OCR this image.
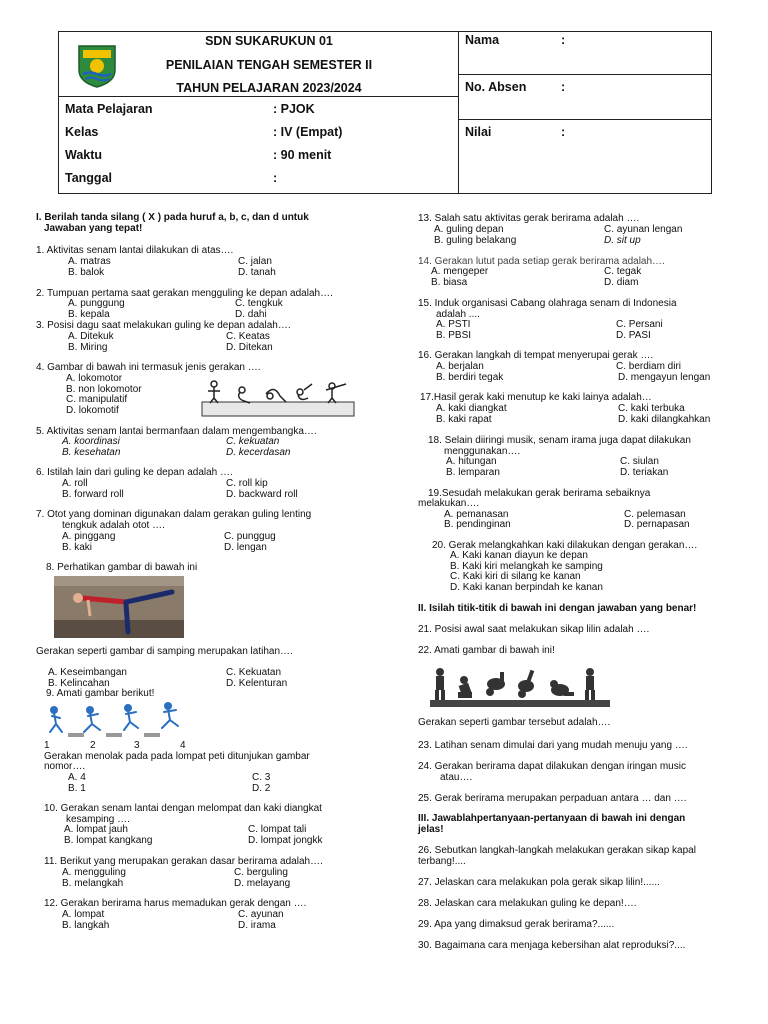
SDN SUKARUKUN 01
PENILAIAN TENGAH SEMESTER II
TAHUN PELAJARAN 2023/2024
Mata Pelajaran	: PJOK
Kelas	: IV (Empat)
Waktu	: 90 menit
Tanggal	:
Nama	:
No. Absen	:
Nilai	:
I. Berilah tanda silang ( X ) pada huruf a, b, c, dan d untuk
Jawaban yang tepat!
1. Aktivitas senam lantai dilakukan di atas….
A. matras	C. jalan
B. balok	D. tanah
2. Tumpuan pertama saat gerakan mengguling ke depan adalah….
A. punggung	C. tengkuk
B. kepala	D. dahi
3. Posisi dagu saat melakukan guling ke depan adalah….
A. Ditekuk	C. Keatas
B. Miring	D. Ditekan
4. Gambar di bawah ini termasuk jenis gerakan ….
A. lokomotor
B. non lokomotor
C. manipulatif
D. lokomotif
5. Aktivitas senam lantai bermanfaan dalam mengembangka….
A. koordinasi	C. kekuatan
B. kesehatan	D. kecerdasan
6. Istilah lain dari guling ke depan adalah ….
A. roll	C. roll kip
B. forward roll	D. backward roll
7. Otot yang dominan digunakan dalam gerakan guling lenting
tengkuk adalah otot ….
A. pinggang	C. punggug
B. kaki	D. lengan
8. Perhatikan gambar di bawah ini
Gerakan seperti gambar di samping merupakan latihan….
A. Keseimbangan	C. Kekuatan
B. Kelincahan	D. Kelenturan
9. Amati gambar berikut!
1	2	3	4
Gerakan menolak pada pada lompat peti ditunjukan gambar
nomor….
A. 4	C. 3
B. 1	D. 2
10. Gerakan senam lantai dengan melompat dan kaki diangkat
kesamping ….
A. lompat jauh	C. lompat tali
B. lompat kangkang	D. lompat jongkk
11. Berikut yang merupakan gerakan dasar berirama adalah….
A. mengguling	C. berguling
B. melangkah	D. melayang
12. Gerakan berirama harus memadukan gerak dengan ….
A. lompat	C. ayunan
B. langkah	D. irama
13. Salah satu aktivitas gerak berirama adalah ….
A. guling depan	C. ayunan lengan
B. guling belakang	D. sit up
14. Gerakan lutut pada setiap gerak berirama adalah….
A. mengeper	C. tegak
B. biasa	D. diam
15. Induk organisasi Cabang olahraga senam di Indonesia
adalah ....
A. PSTI	C. Persani
B. PBSI	D. PASI
16. Gerakan langkah di tempat menyerupai gerak ….
A. berjalan	C. berdiam diri
B. berdiri tegak	D. mengayun lengan
17.Hasil gerak kaki menutup ke kaki lainya adalah…
A. kaki diangkat	C. kaki terbuka
B. kaki rapat	D. kaki dilangkahkan
18. Selain diiringi musik, senam irama juga dapat dilakukan
menggunakan….
A. hitungan	C. siulan
B. lemparan	D. teriakan
19.Sesudah melakukan gerak berirama sebaiknya
melakukan….
A. pemanasan	C. pelemasan
B. pendinginan	D. pernapasan
20. Gerak melangkahkan kaki dilakukan dengan gerakan….
A. Kaki kanan diayun ke depan
B. Kaki kiri melangkah ke samping
C. Kaki kiri di silang ke kanan
D. Kaki kanan berpindah ke kanan
II. Isilah titik-titik di bawah ini dengan jawaban yang benar!
21. Posisi awal saat melakukan sikap lilin adalah ….
22. Amati gambar di bawah ini!
Gerakan seperti gambar tersebut adalah….
23. Latihan senam dimulai dari yang mudah menuju yang ….
24. Gerakan berirama dapat dilakukan dengan iringan music
atau….
25. Gerak berirama merupakan perpaduan antara … dan ….
III. Jawablahpertanyaan-pertanyaan di bawah ini dengan
jelas!
26. Sebutkan langkah-langkah melakukan gerakan sikap kapal
terbang!....
27. Jelaskan cara melakukan pola gerak sikap lilin!......
28. Jelaskan cara melakukan guling ke depan!….
29. Apa yang dimaksud gerak berirama?......
30. Bagaimana cara menjaga kebersihan alat reproduksi?....
